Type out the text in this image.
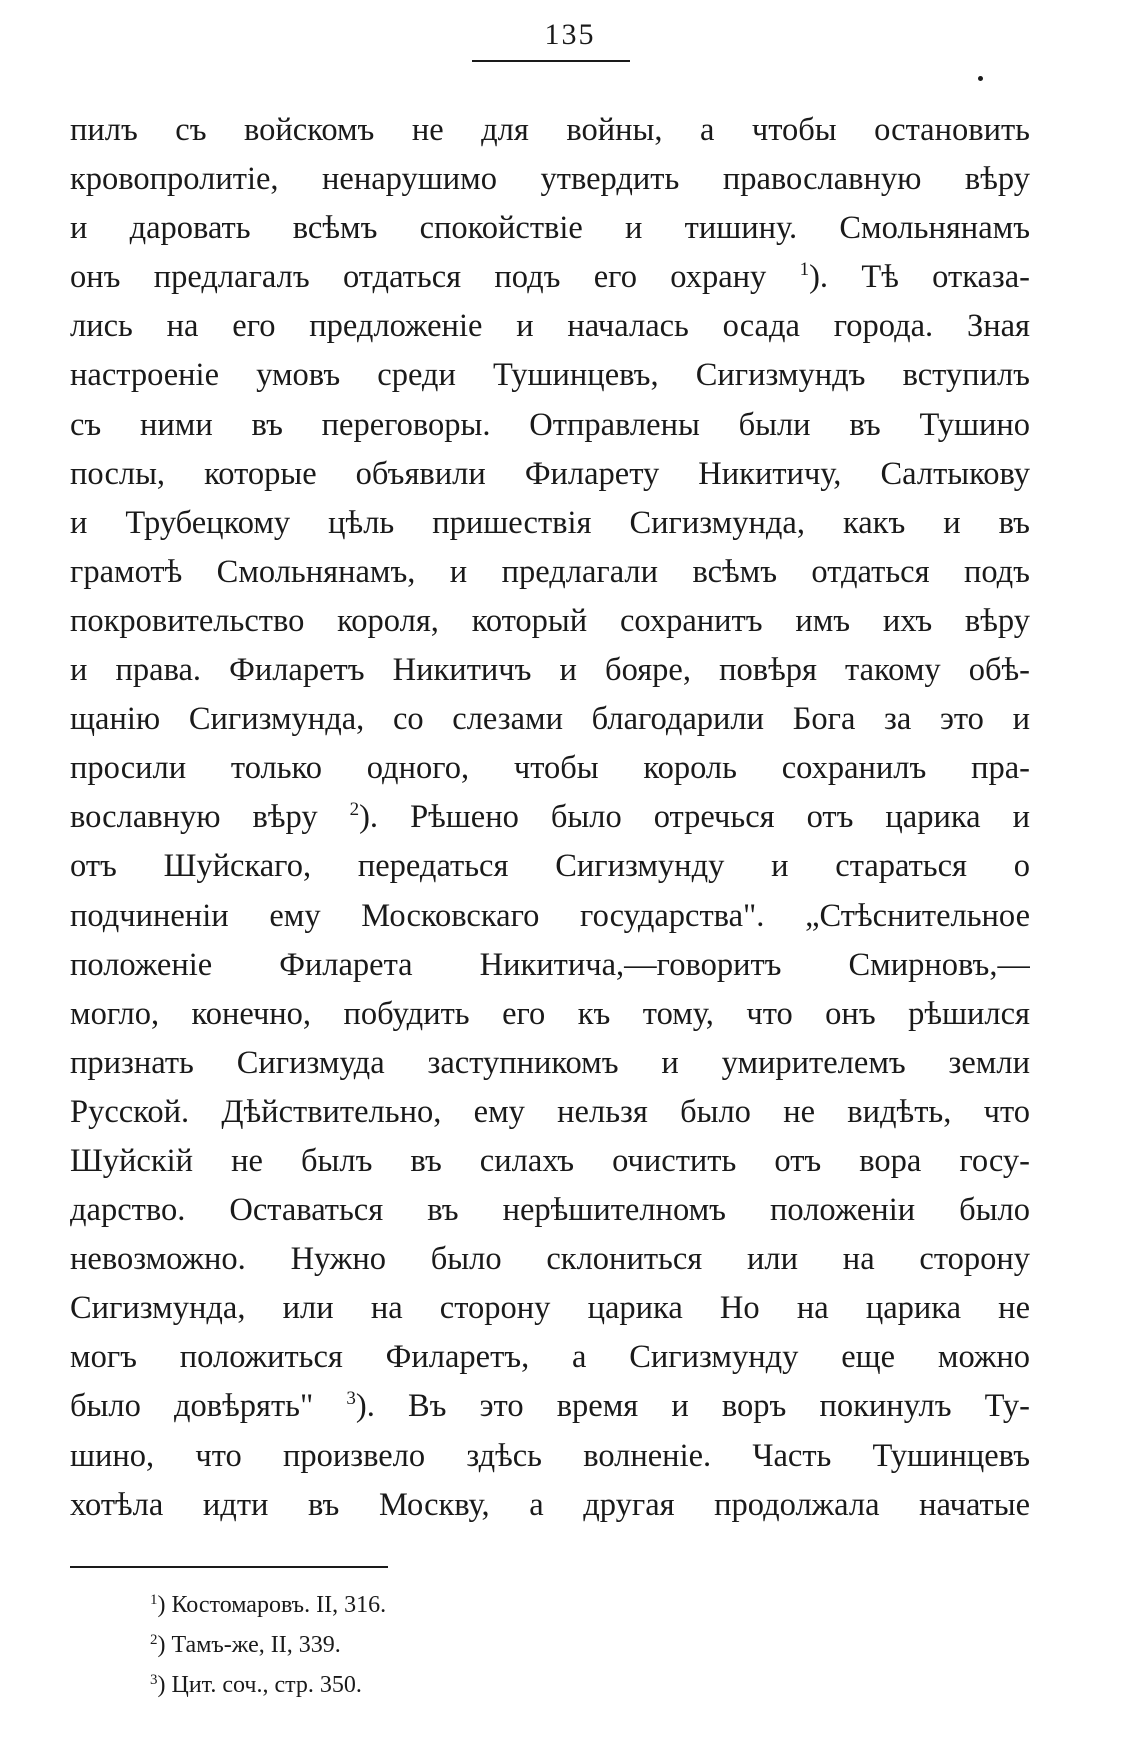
135
пилъ съ войскомъ не для войны, а чтобы остановить
кровопролитіе, ненарушимо утвердить православную вѣру
и даровать всѣмъ спокойствіе и тишину. Смольнянамъ
онъ предлагалъ отдаться подъ его охрану $^1$). Тѣ отказа-
лись на его предложеніе и началась осада города. Зная
настроеніе умовъ среди Тушинцевъ, Сигизмундъ вступилъ
съ ними въ переговоры. Отправлены были въ Тушино
послы, которые объявили Филарету Никитичу, Салтыкову
и Трубецкому цѣль пришествія Сигизмунда, какъ и въ
грамотѣ Смольнянамъ, и предлагали всѣмъ отдаться подъ
покровительство короля, который сохранитъ имъ ихъ вѣру
и права. Филаретъ Никитичъ и бояре, повѣря такому обѣ-
щанію Сигизмунда, со слезами благодарили Бога за это и
просили только одного, чтобы король сохранилъ пра-
вославную вѣру $^2$). Рѣшено было отречься отъ царика и
отъ Шуйскаго, передаться Сигизмунду и стараться о
подчиненіи ему Московскаго государства". „Стѣснительное
положеніе Филарета Никитича,—говоритъ Смирновъ,—
могло, конечно, побудить его къ тому, что онъ рѣшился
признать Сигизмуда заступникомъ и умирителемъ земли
Русской. Дѣйствительно, ему нельзя было не видѣть, что
Шуйскій не былъ въ силахъ очистить отъ вора госу-
дарство. Оставаться въ нерѣшителномъ положеніи было
невозможно. Нужно было склониться или на сторону
Сигизмунда, или на сторону царика Но на царика не
могъ положиться Филаретъ, а Сигизмунду еще можно
было довѣрять" $^3$). Въ это время и воръ покинулъ Ту-
шино, что произвело здѣсь волненіе. Часть Тушинцевъ
хотѣла идти въ Москву, а другая продолжала начатые
$^1$) Костомаровъ. II, 316.
$^2$) Тамъ-же, II, 339.
$^3$) Цит. соч., стр. 350.
